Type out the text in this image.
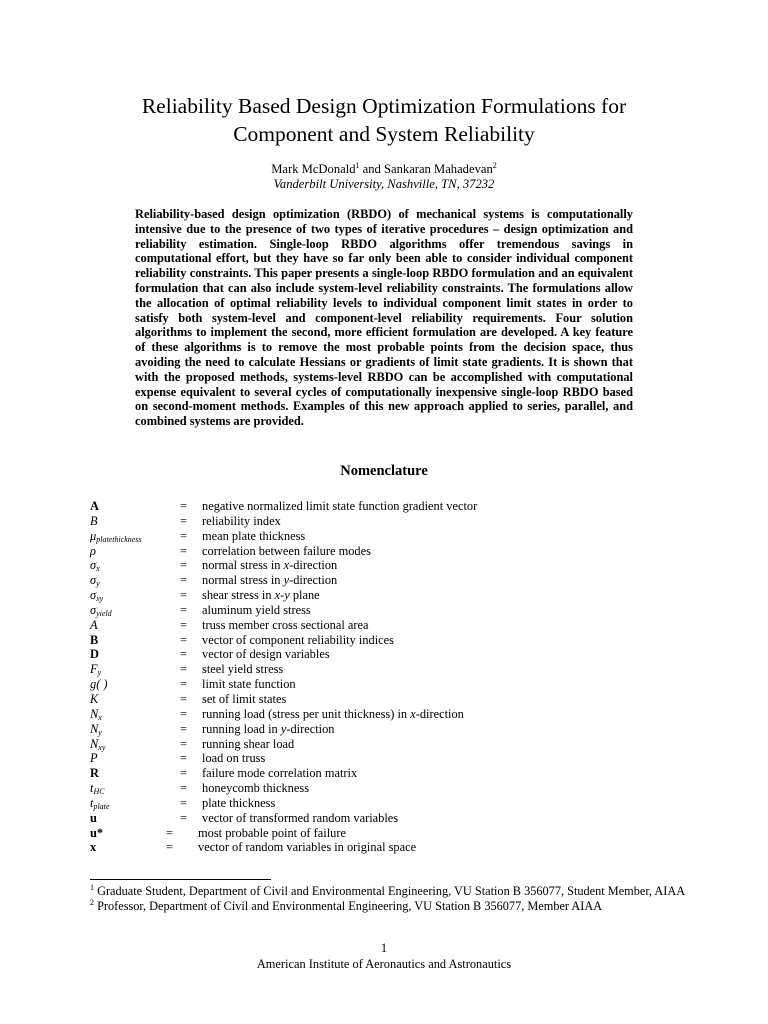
Reliability Based Design Optimization Formulations for
Component and System Reliability
Mark McDonald$^1$ and Sankaran Mahadevan$^2$
Vanderbilt University, Nashville, TN, 37232

Reliability-based design optimization (RBDO) of mechanical systems is computationally intensive due to the presence of two types of iterative procedures – design optimization and reliability estimation. Single-loop RBDO algorithms offer tremendous savings in computational effort, but they have so far only been able to consider individual component reliability constraints. This paper presents a single-loop RBDO formulation and an equivalent formulation that can also include system-level reliability constraints. The formulations allow the allocation of optimal reliability levels to individual component limit states in order to satisfy both system-level and component-level reliability requirements. Four solution algorithms to implement the second, more efficient formulation are developed. A key feature of these algorithms is to remove the most probable points from the decision space, thus avoiding the need to calculate Hessians or gradients of limit state gradients. It is shown that with the proposed methods, systems-level RBDO can be accomplished with computational expense equivalent to several cycles of computationally inexpensive single-loop RBDO based on second-moment methods. Examples of this new approach applied to series, parallel, and combined systems are provided.

Nomenclature
A	= negative normalized limit state function gradient vector
B	= reliability index
$\mu_{platethickness}$	= mean plate thickness
ρ	= correlation between failure modes
$\sigma_x$	= normal stress in x-direction
$\sigma_y$	= normal stress in y-direction
$\sigma_{xy}$	= shear stress in x-y plane
$\sigma_{yield}$	= aluminum yield stress
A	= truss member cross sectional area
B	= vector of component reliability indices
D	= vector of design variables
$F_y$	= steel yield stress
g( )	= limit state function
K	= set of limit states
$N_x$	= running load (stress per unit thickness) in x-direction
$N_y$	= running load in y-direction
$N_{xy}$	= running shear load
P	= load on truss
R	= failure mode correlation matrix
$t_{HC}$	= honeycomb thickness
$t_{plate}$	= plate thickness
u	= vector of transformed random variables
u*	= most probable point of failure
x	= vector of random variables in original space

$^1$ Graduate Student, Department of Civil and Environmental Engineering, VU Station B 356077, Student Member, AIAA

$^2$ Professor, Department of Civil and Environmental Engineering, VU Station B 356077, Member AIAA

1
American Institute of Aeronautics and Astronautics
